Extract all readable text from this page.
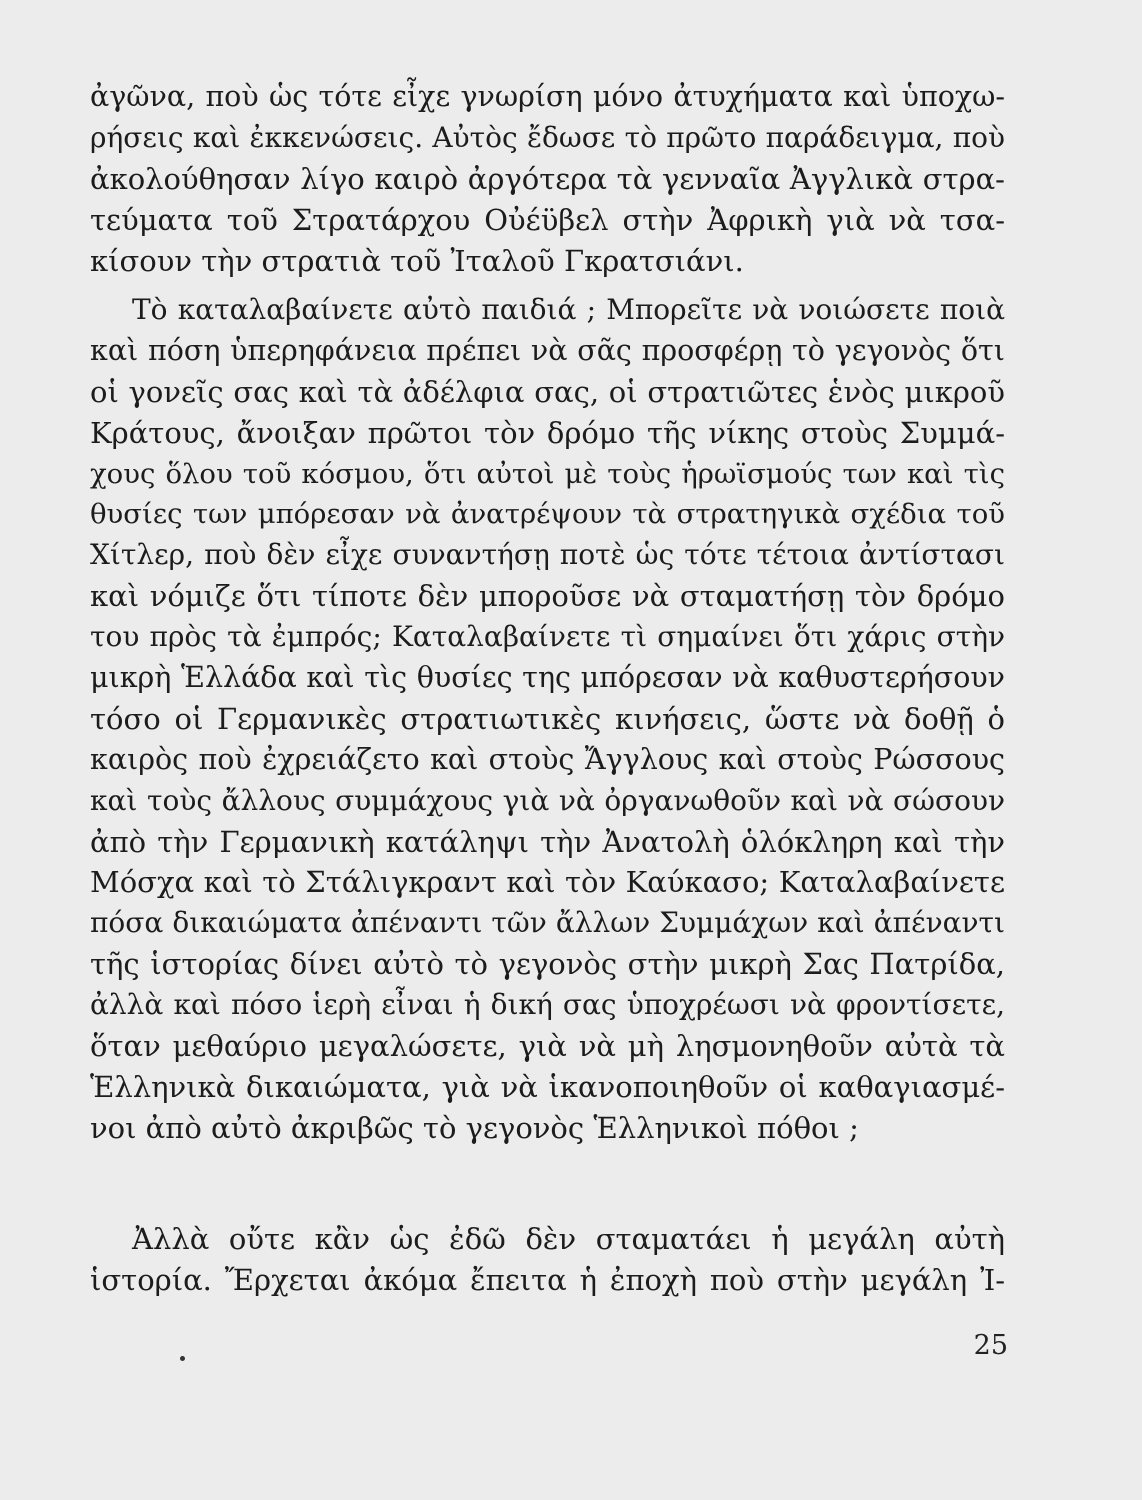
ἀγῶνα, ποὺ ὡς τότε εἶχε γνωρίση μόνο ἀτυχήματα καὶ ὑποχω-
ρήσεις καὶ ἐκκενώσεις. Αὐτὸς ἔδωσε τὸ πρῶτο παράδειγμα, ποὺ
ἀκολούθησαν λίγο καιρὸ ἀργότερα τὰ γενναῖα Ἀγγλικὰ στρα-
τεύματα τοῦ Στρατάρχου Οὐέϋβελ στὴν Ἀφρικὴ γιὰ νὰ τσα-
κίσουν τὴν στρατιὰ τοῦ Ἰταλοῦ Γκρατσιάνι.
Τὸ καταλαβαίνετε αὐτὸ παιδιά ; Μπορεῖτε νὰ νοιώσετε ποιὰ
καὶ πόση ὑπερηφάνεια πρέπει νὰ σᾶς προσφέρῃ τὸ γεγονὸς ὅτι
οἱ γονεῖς σας καὶ τὰ ἀδέλφια σας, οἱ στρατιῶτες ἑνὸς μικροῦ
Κράτους, ἄνοιξαν πρῶτοι τὸν δρόμο τῆς νίκης στοὺς Συμμά-
χους ὅλου τοῦ κόσμου, ὅτι αὐτοὶ μὲ τοὺς ἡρωϊσμούς των καὶ τὶς
θυσίες των μπόρεσαν νὰ ἀνατρέψουν τὰ στρατηγικὰ σχέδια τοῦ
Χίτλερ, ποὺ δὲν εἶχε συναντήσῃ ποτὲ ὡς τότε τέτοια ἀντίστασι
καὶ νόμιζε ὅτι τίποτε δὲν μποροῦσε νὰ σταματήσῃ τὸν δρόμο
του πρὸς τὰ ἐμπρός; Καταλαβαίνετε τὶ σημαίνει ὅτι χάρις στὴν
μικρὴ Ἑλλάδα καὶ τὶς θυσίες της μπόρεσαν νὰ καθυστερήσουν
τόσο οἱ Γερμανικὲς στρατιωτικὲς κινήσεις, ὥστε νὰ δοθῇ ὁ
καιρὸς ποὺ ἐχρειάζετο καὶ στοὺς Ἄγγλους καὶ στοὺς Ρώσσους
καὶ τοὺς ἄλλους συμμάχους γιὰ νὰ ὀργανωθοῦν καὶ νὰ σώσουν
ἀπὸ τὴν Γερμανικὴ κατάληψι τὴν Ἀνατολὴ ὁλόκληρη καὶ τὴν
Μόσχα καὶ τὸ Στάλιγκραντ καὶ τὸν Καύκασο; Καταλαβαίνετε
πόσα δικαιώματα ἀπέναντι τῶν ἄλλων Συμμάχων καὶ ἀπέναντι
τῆς ἱστορίας δίνει αὐτὸ τὸ γεγονὸς στὴν μικρὴ Σας Πατρίδα,
ἀλλὰ καὶ πόσο ἱερὴ εἶναι ἡ δική σας ὑποχρέωσι νὰ φροντίσετε,
ὅταν μεθαύριο μεγαλώσετε, γιὰ νὰ μὴ λησμονηθοῦν αὐτὰ τὰ
Ἑλληνικὰ δικαιώματα, γιὰ νὰ ἱκανοποιηθοῦν οἱ καθαγιασμέ-
νοι ἀπὸ αὐτὸ ἀκριβῶς τὸ γεγονὸς Ἑλληνικοὶ πόθοι ;
Ἀλλὰ οὔτε κἂν ὡς ἐδῶ δὲν σταματάει ἡ μεγάλη αὐτὴ
ἱστορία. Ἔρχεται ἀκόμα ἔπειτα ἡ ἐποχὴ ποὺ στὴν μεγάλη Ἰ-
25
